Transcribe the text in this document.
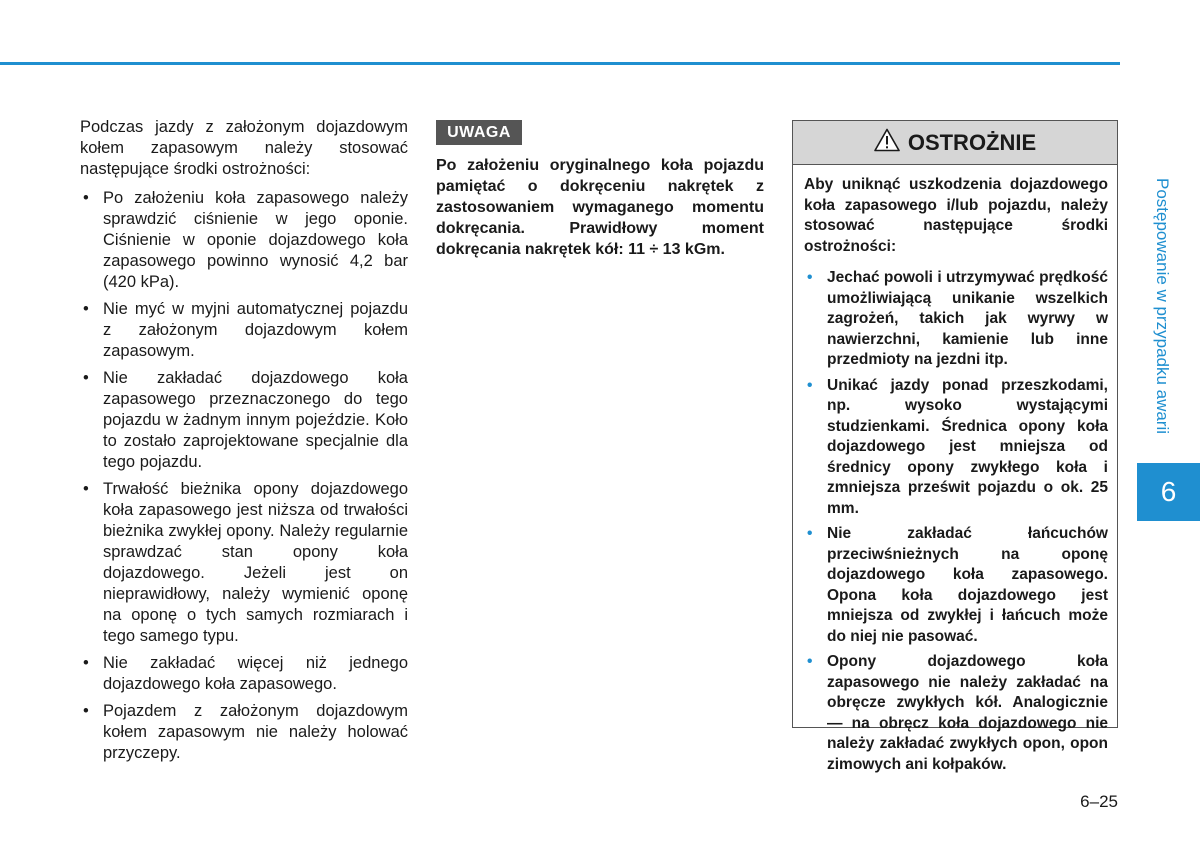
Podczas jazdy z założonym dojazdowym kołem zapasowym należy stosować następujące środki ostrożności:

• Po założeniu koła zapasowego należy sprawdzić ciśnienie w jego oponie. Ciśnienie w oponie dojazdowego koła zapasowego powinno wynosić 4,2 bar (420 kPa).
• Nie myć w myjni automatycznej pojazdu z założonym dojazdowym kołem zapasowym.
• Nie zakładać dojazdowego koła zapasowego przeznaczonego do tego pojazdu w żadnym innym pojeździe. Koło to zostało zaprojektowane specjalnie dla tego pojazdu.
• Trwałość bieżnika opony dojazdowego koła zapasowego jest niższa od trwałości bieżnika zwykłej opony. Należy regularnie sprawdzać stan opony koła dojazdowego. Jeżeli jest on nieprawidłowy, należy wymienić oponę na oponę o tych samych rozmiarach i tego samego typu.
• Nie zakładać więcej niż jednego dojazdowego koła zapasowego.
• Pojazdem z założonym dojazdowym kołem zapasowym nie należy holować przyczepy.
UWAGA

Po założeniu oryginalnego koła pojazdu pamiętać o dokręceniu nakrętek z zastosowaniem wymaganego momentu dokręcania. Prawidłowy moment dokręcania nakrętek kół: 11 ÷ 13 kGm.

OSTROŻNIE

Aby uniknąć uszkodzenia dojazdowego koła zapasowego i/lub pojazdu, należy stosować następujące środki ostrożności:

• Jechać powoli i utrzymywać prędkość umożliwiającą unikanie wszelkich zagrożeń, takich jak wyrwy w nawierzchni, kamienie lub inne przedmioty na jezdni itp.
• Unikać jazdy ponad przeszkodami, np. wysoko wystającymi studzienkami. Średnica opony koła dojazdowego jest mniejsza od średnicy opony zwykłego koła i zmniejsza prześwit pojazdu o ok. 25 mm.
• Nie zakładać łańcuchów przeciwśnieżnych na oponę dojazdowego koła zapasowego. Opona koła dojazdowego jest mniejsza od zwykłej i łańcuch może do niej nie pasować.
• Opony dojazdowego koła zapasowego nie należy zakładać na obręcze zwykłych kół. Analogicznie — na obręcz koła dojazdowego nie należy zakładać zwykłych opon, opon zimowych ani kołpaków.
Postępowanie w przypadku awarii
6
6–25
